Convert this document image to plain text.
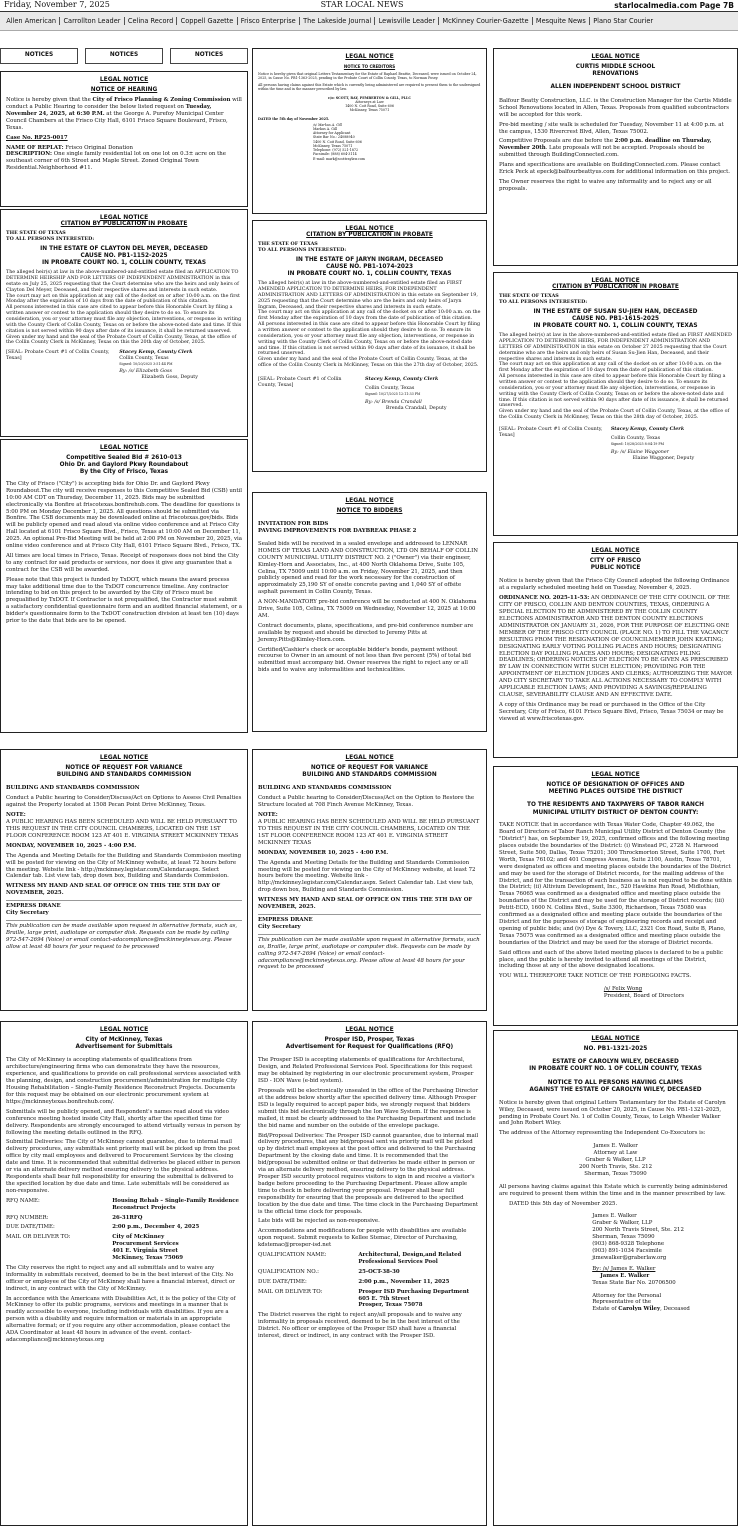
Friday, November 7, 2025	STAR LOCAL NEWS	starlocalmedia.com Page 7B
Allen American	Carrollton Leader	Celina Record	Coppell Gazette	Frisco Enterprise	The Lakeside Journal	Lewisville Leader	McKinney Courier-Gazette	Mesquite News	Plano Star Courier
NOTICES	NOTICES	NOTICES
LEGAL NOTICE
NOTICE OF HEARING

Notice is hereby given that the City of Frisco Planning & Zoning Commission will conduct a Public Hearing to consider the below listed request on Tuesday, November 24, 2025, at 6:30 P.M. at the George A. Purefoy Municipal Center Council Chambers at the Frisco City Hall, 6101 Frisco Square Boulevard, Frisco, Texas.

Case No. RP25-0017

NAME OF REPLAT: Frisco Original Donation

DESCRIPTION: One single family residential lot on one lot on 0.3± acre on the southeast corner of 6th Street and Maple Street. Zoned Original Town Residential.Neighborhood #11.

LEGAL NOTICE
CITATION BY PUBLICATION IN PROBATE
THE STATE OF TEXAS
TO ALL PERSONS INTERESTED:
IN THE ESTATE OF CLAYTON DEL MEYER, DECEASED
CAUSE NO. PB1-1152-2025
IN PROBATE COURT NO. 1, COLLIN COUNTY, TEXAS

The alleged heir(s) at law in the above-numbered-and-entitled estate filed an APPLICATION TO DETERMINE HEIRSHIP AND FOR LETTERS OF INDEPENDENT ADMINISTRATION in this estate on July 25, 2025 requesting that the Court determine who are the heirs and only heirs of Clayton Del Meyer, Deceased, and their respective shares and interests in such estate.

The court may act on this application at any call of the docket on or after 10:00 a.m. on the first Monday after the expiration of 10 days from the date of publication of this citation.

All persons interested in this case are cited to appear before this Honorable Court by filing a written answer or contest to the application should they desire to do so. To ensure its consideration, you or your attorney must file any objection, interventions, or response in writing with the County Clerk of Collin County, Texas on or before the above-noted date and time. If this citation is not served within 90 days after date of its issuance, it shall be returned unserved.

Given under my hand and the seal of the Probate Court of Collin County, Texas, at the office of the Collin County Clerk in McKinney, Texas on this the 20th day of October, 2025.

[SEAL: Probate Court #1 of Collin County, Texas]
Stacey Kemp, County Clerk
Collin County, Texas
Signed: 10/20/2025 3:51:44 PM
By: /s/ Elizabeth Goss
Elizabeth Goss, Deputy
LEGAL NOTICE
Competitive Sealed Bid # 2610-013
Ohio Dr. and Gaylord Pkwy Roundabout
By the City of Frisco, Texas

The City of Frisco ("City") is accepting bids for Ohio Dr. and Gaylord Pkwy Roundabout.The city will receive responses to this Competitive Sealed Bid (CSB) until 10:00 AM CDT on Thursday, December 11, 2025. Bids may be submitted electronically via Bonfire at friscotexas.bonfirehub.com. The deadline for questions is 5:00 PM on Monday December 1, 2025. All questions should be submitted via Bonfire. The CSB documents may be downloaded online at friscotexas.gov/bids. Bids will be publicly opened and read aloud via online video conference and at Frisco City Hall located at 6101 Frisco Square Blvd., Frisco, Texas at 10:00 AM on December 11, 2025. An optional Pre-Bid Meeting will be held at 2:00 PM on November 20, 2025, via online video conference and at Frisco City Hall, 6101 Frisco Square Blvd., Frisco, TX.

All times are local times in Frisco, Texas. Receipt of responses does not bind the City to any contract for said products or services, nor does it give any guarantee that a contract for the CSB will be awarded.

Please note that this project is funded by TxDOT, which means the award process may take additional time due to the TxDOT concurrence timeline. Any contractor intending to bid on this project to be awarded by the City of Frisco must be prequalified by TxDOT. If Contractor is not prequalified, the Contractor must submit a satisfactory confidential questionnaire form and an audited financial statement, or a bidder's questionnaire form to the TxDOT construction division at least ten (10) days prior to the date that bids are to be opened.

LEGAL NOTICE
NOTICE OF REQUEST FOR VARIANCE
BUILDING AND STANDARDS COMMISSION

BUILDING AND STANDARDS COMMISSION

Conduct a Public hearing to Consider/Discuss/Act on Options to Assess Civil Penalties against the Property located at 1508 Pecan Point Drive McKinney, Texas.

NOTE:

A PUBLIC HEARING HAS BEEN SCHEDULED AND WILL BE HELD PURSUANT TO THIS REQUEST IN THE CITY COUNCIL CHAMBERS, LOCATED ON THE 1ST FLOOR CONFERENCE ROOM 123 AT 401 E. VIRGINIA STREET MCKINNEY TEXAS

MONDAY, NOVEMBER 10, 2025 - 4:00 P.M.

The Agenda and Meeting Details for the Building and Standards Commission meeting will be posted for viewing on the City of McKinney website, at least 72 hours before the meeting. Website link - http://mckinney.legistar.com/Calendar.aspx. Select Calendar tab. List view tab, drop down box, Building and Standards Commission.

WITNESS MY HAND AND SEAL OF OFFICE ON THIS THE 5TH DAY OF NOVEMBER, 2025.

EMPRESS DRANE

City Secretary

This publication can be made available upon request in alternative formats, such as, Braille, large print, audiotape or computer disk. Requests can be made by calling 972-547-2694 (Voice) or email contact-adacompliance@mckinneytexas.org. Please allow at least 48 hours for your request to be processed

LEGAL NOTICE
City of McKinney, Texas
Advertisement for Submittals

The City of McKinney is accepting statements of qualifications from architecture/engineering firms who can demonstrate they have the resources, experience, and qualifications to provide on call professional services associated with the planning, design, and construction procurement/administration for multiple City Housing Rehabilitation – Single-Family Residence Reconstruct Projects. Documents for this request may be obtained on our electronic procurement system at https://mckinneytexas.bonfirehub.com/.

Submittals will be publicly opened, and Respondent's names read aloud via video conference meeting hosted inside City Hall, shortly after the specified time for delivery. Respondents are strongly encouraged to attend virtually versus in person by following the meeting details outlined in the RFQ.

Submittal Deliveries: The City of McKinney cannot guarantee, due to internal mail delivery procedures, any submittals sent priority mail will be picked up from the post office by city mail employees and delivered to Procurement Services by the closing date and time. It is recommended that submittal deliveries be placed either in person or via an alternate delivery method ensuring delivery to the physical address. Respondents shall bear full responsibility for ensuring the submittal is delivered to the specified location by due date and time. Late submittals will be considered as non-responsive.

RFQ NAME:	Housing Rehab – Single-Family Residence Reconstruct Projects
RFQ NUMBER:	26-31RFQ
DUE DATE/TIME:	2:00 p.m., December 4, 2025
MAIL OR DELIVER TO:	City of McKinney
Procurement Services
401 E. Virginia Street
McKinney, Texas 75069

The City reserves the right to reject any and all submittals and to waive any informality in submittals received, deemed to be in the best interest of the City. No officer or employee of the City of McKinney shall have a financial interest, direct or indirect, in any contract with the City of McKinney.

In accordance with the Americans with Disabilities Act, it is the policy of the City of McKinney to offer its public programs, services and meetings in a manner that is readily accessible to everyone, including individuals with disabilities. If you are a person with a disability and require information or materials in an appropriate alternative format; or if you require any other accommodation, please contact the ADA Coordinator at least 48 hours in advance of the event. contact-adacompliance@mckinneytexas.org

LEGAL NOTICE
NOTICE TO CREDITORS
Notice is hereby given that original Letters Testamentary for the Estate of Raphael Beattie, Deceased, were issued on October 24, 2025, in Cause No. PB1-1363-2025, pending in the Probate Court of Collin County, Texas, to Norman Posey.
All persons having claims against this Estate which is currently being administered are required to present them to the undersigned within the time and in the manner prescribed by law.
c/o: SCOTT, RAY, PEMBERTON & GILL, PLLC
Attorneys at Law
1400 N. Coit Road, Suite 606
McKinney, Texas 75071
DATED the 5th day of November 2025.
/s/ Markus A. Gill
Markus A. Gill
Attorney for Applicant
State Bar No.: 24088940
1400 N. Coit Road, Suite 606
McKinney, Texas 75071
Telephone: (972) 521-1872
Facsimile: (888) 604-3114
E-mail: mark@scottraylaw.com
LEGAL NOTICE
CITATION BY PUBLICATION IN PROBATE
THE STATE OF TEXAS
TO ALL PERSONS INTERESTED:
IN THE ESTATE OF JARYN INGRAM, DECEASED
CAUSE NO. PB1-1074-2023
IN PROBATE COURT NO. 1, COLLIN COUNTY, TEXAS

The alleged heir(s) at law in the above-numbered-and-entitled estate filed an FIRST AMENDED APPLICATION TO DETERMINE HEIRS, FOR INDEPENDENT ADMINISTRATION AND LETTERS OF ADMINISTRATION in this estate on September 19, 2025 requesting that the Court determine who are the heirs and only heirs of Jaryn Ingram, Deceased, and their respective shares and interests in such estate.

The court may act on this application at any call of the docket on or after 10:00 a.m. on the first Monday after the expiration of 10 days from the date of publication of this citation.

All persons interested in this case are cited to appear before this Honorable Court by filing a written answer or contest to the application should they desire to do so. To ensure its consideration, you or your attorney must file any objection, interventions, or response in writing with the County Clerk of Collin County, Texas on or before the above-noted date and time. If this citation is not served within 90 days after date of its issuance, it shall be returned unserved.

Given under my hand and the seal of the Probate Court of Collin County, Texas, at the office of the Collin County Clerk in McKinney, Texas on this the 27th day of October, 2025.

[SEAL: Probate Court #1 of Collin County, Texas]
Stacey Kemp, County Clerk
Collin County, Texas
Signed: 10/27/2025 12:11:33 PM
By: /s/ Brenda Crandall
Brenda Crandall, Deputy
LEGAL NOTICE
NOTICE TO BIDDERS

INVITATION FOR BIDS

PAVING IMPROVEMENTS FOR DAYBREAK PHASE 2

Sealed bids will be received in a sealed envelope and addressed to LENNAR HOMES OF TEXAS LAND AND CONSTRUCTION, LTD ON BEHALF OF COLLIN COUNTY MUNICIPAL UTILITY DISTRICT NO. 2 ("Owner") via their engineer, Kimley-Horn and Associates, Inc., at 400 North Oklahoma Drive, Suite 105, Celina, TX 75009 until 10:00 a.m. on Friday, November 21, 2025, and then publicly opened and read for the work necessary for the construction of approximately 25,190 SY of onsite concrete paving and 1,040 SY of offsite asphalt pavement in Collin County, Texas.

A NON-MANDATORY pre-bid conference will be conducted at 400 N. Oklahoma Drive, Suite 105, Celina, TX 75009 on Wednesday, November 12, 2025 at 10:00 AM.

Contract documents, plans, specifications, and pre-bid conference number are available by request and should be directed to Jeremy Pitts at Jeremy.Pitts@Kimley-Horn.com.

Certified/Cashier's check or acceptable bidder's bonds, payment without recourse to Owner in an amount of not less than five percent (5%) of total bid submitted must accompany bid. Owner reserves the right to reject any or all bids and to waive any informalities and technicalities.

LEGAL NOTICE
NOTICE OF REQUEST FOR VARIANCE
BUILDING AND STANDARDS COMMISSION

BUILDING AND STANDARDS COMMISSION

Conduct a Public hearing to Consider/Discuss/Act on the Option to Restore the Structure located at 708 Finch Avenue McKinney, Texas.

NOTE:

A PUBLIC HEARING HAS BEEN SCHEDULED AND WILL BE HELD PURSUANT TO THIS REQUEST IN THE CITY COUNCIL CHAMBERS, LOCATED ON THE 1ST FLOOR CONFERENCE ROOM 123 AT 401 E. VIRGINIA STREET MCKINNEY TEXAS

MONDAY, NOVEMBER 10, 2025 - 4:00 P.M.

The Agenda and Meeting Details for the Building and Standards Commission meeting will be posted for viewing on the City of McKinney website, at least 72 hours before the meeting. Website link - http://mckinney.legistar.com/Calendar.aspx. Select Calendar tab. List view tab, drop down box, Building and Standards Commission.

WITNESS MY HAND AND SEAL OF OFFICE ON THIS THE 5TH DAY OF NOVEMBER, 2025.

EMPRESS DRANE

City Secretary

This publication can be made available upon request in alternative formats, such as, Braille, large print, audiotape or computer disk. Requests can be made by calling 972-547-2694 (Voice) or email contact-adacompliance@mckinneytexas.org. Please allow at least 48 hours for your request to be processed

LEGAL NOTICE
Prosper ISD, Prosper, Texas
Advertisement for Request for Qualifications (RFQ)

The Prosper ISD is accepting statements of qualifications for Architectural, Design, and Related Professional Services Pool. Specifications for this request may be obtained by registering in our electronic procurement system, Prosper ISD - ION Wave (e-bid system).

Proposals will be electronically unsealed in the office of the Purchasing Director at the address below shortly after the specified delivery time. Although Prosper ISD is legally required to accept paper bids, we strongly request that bidders submit this bid electronically through the Ion Wave System. If the response is mailed, it must be clearly addressed to the Purchasing Department and include the bid name and number on the outside of the envelope package.

Bid/Proposal Deliveries: The Prosper ISD cannot guarantee, due to internal mail delivery procedures, that any bid/proposal sent via priority mail will be picked up by district mail employees at the post office and delivered to the Purchasing Department by the closing date and time. It is recommended that the bid/proposal be submitted online or that deliveries be made either in person or via an alternate delivery method, ensuring delivery to the physical address. Prosper ISD security protocol requires visitors to sign in and receive a visitor's badge before proceeding to the Purchasing Department. Please allow ample time to check in before delivering your proposal. Prosper shall bear full responsibility for ensuring that the proposals are delivered to the specified location by the due date and time. The time clock in the Purchasing Department is the official time clock for proposals.

Late bids will be rejected as non-responsive.

Accommodations and modifications for people with disabilities are available upon request. Submit requests to Kellee Stemac, Director of Purchasing, kdstemac@prosper-isd.net

QUALIFICATION NAME:	Architectural, Design,and Related Professional Services Pool
QUALIFICATION NO.:	25-OCT-38-30
DUE DATE/TIME:	2:00 p.m., November 11, 2025
MAIL OR DELIVER TO:	Prosper ISD Purchasing Department
605 E. 7th Street
Prosper, Texas 75078

The District reserves the right to reject any/all proposals and to waive any informality in proposals received, deemed to be in the best interest of the District. No officer or employee of the Prosper ISD shall have a financial interest, direct or indirect, in any contract with the Prosper ISD.

LEGAL NOTICE
CURTIS MIDDLE SCHOOL
RENOVATIONS
ALLEN INDEPENDENT SCHOOL DISTRICT

Balfour Beatty Construction, LLC. is the Construction Manager for the Curtis Middle School Renovations located in Allen, Texas. Proposals from qualified subcontractors will be accepted for this work.

Pre-bid meeting / site walk is scheduled for Tuesday, November 11 at 4:00 p.m. at the campus, 1530 Rivercrest Blvd, Allen, Texas 75002.

Competitive Proposals are due before the 2:00 p.m. deadline on Thursday, November 20th. Late proposals will not be accepted. Proposals should be submitted through BuildingConnected.com.

Plans and specifications are available on BuildingConnected.com. Please contact Erick Peck at epeck@balfourbeattyus.com for additional information on this project.

The Owner reserves the right to waive any informality and to reject any or all proposals.

LEGAL NOTICE
CITATION BY PUBLICATION IN PROBATE
THE STATE OF TEXAS
TO ALL PERSONS INTERESTED:
IN THE ESTATE OF SUSAN SU-JIEN HAN, DECEASED
CAUSE NO. PB1-1615-2025
IN PROBATE COURT NO. 1, COLLIN COUNTY, TEXAS

The alleged heir(s) at law in the above-numbered-and-entitled estate filed an FIRST AMENDED APPLICATION TO DETERMINE HEIRS, FOR INDEPENDENT ADMINISTRATION AND LETTERS OF ADMINISTRATION in this estate on October 27 2025 requesting that the Court determine who are the heirs and only heirs of Susan Su-Jien Han, Deceased, and their respective shares and interests in such estate.

The court may act on this application at any call of the docket on or after 10:00 a.m. on the first Monday after the expiration of 10 days from the date of publication of this citation.

All persons interested in this case are cited to appear before this Honorable Court by filing a written answer or contest to the application should they desire to do so. To ensure its consideration, you or your attorney must file any objection, interventions, or response in writing with the County Clerk of Collin County, Texas on or before the above-noted date and time. If this citation is not served within 90 days after date of its issuance, it shall be returned unserved.

Given under my hand and the seal of the Probate Court of Collin County, Texas, at the office of the Collin County Clerk in McKinney, Texas on this the 28th day of October, 2025.

[SEAL: Probate Court #1 of Collin County, Texas]
Stacey Kemp, County Clerk
Collin County, Texas
Signed: 10/28/2025 8:04:19 PM
By: /s/ Elaine Waggoner
Elaine Waggoner, Deputy
LEGAL NOTICE
CITY OF FRISCO
PUBLIC NOTICE

Notice is hereby given that the Frisco City Council adopted the following Ordinance at a regularly scheduled meeting held on Tuesday, November 4, 2025.

ORDINANCE NO. 2025-11-53: AN ORDINANCE OF THE CITY COUNCIL OF THE CITY OF FRISCO, COLLIN AND DENTON COUNTIES, TEXAS, ORDERING A SPECIAL ELECTION TO BE ADMINISTERED BY THE COLLIN COUNTY ELECTIONS ADMINISTRATOR AND THE DENTON COUNTY ELECTIONS ADMINISTRATOR ON JANUARY 31, 2026, FOR THE PURPOSE OF ELECTING ONE MEMBER OF THE FRISCO CITY COUNCIL (PLACE NO. 1) TO FILL THE VACANCY RESULTING FROM THE RESIGNATION OF COUNCILMEMBER JOHN KEATING; DESIGNATING EARLY VOTING POLLING PLACES AND HOURS; DESIGNATING ELECTION DAY POLLING PLACES AND HOURS; DESIGNATING FILING DEADLINES; ORDERING NOTICES OF ELECTION TO BE GIVEN AS PRESCRIBED BY LAW IN CONNECTION WITH SUCH ELECTION; PROVIDING FOR THE APPOINTMENT OF ELECTION JUDGES AND CLERKS; AUTHORIZING THE MAYOR AND CITY SECRETARY TO TAKE ALL ACTIONS NECESSARY TO COMPLY WITH APPLICABLE ELECTION LAWS; AND PROVIDING A SAVINGS/REPEALING CLAUSE, SEVERABILITY CLAUSE AND AN EFFECTIVE DATE.

A copy of this Ordinance may be read or purchased in the Office of the City Secretary, City of Frisco, 6101 Frisco Square Blvd, Frisco, Texas 75034 or may be viewed at www.friscotexas.gov.

LEGAL NOTICE
NOTICE OF DESIGNATION OF OFFICES AND
MEETING PLACES OUTSIDE THE DISTRICT
TO THE RESIDENTS AND TAXPAYERS OF TABOR RANCH
MUNICIPAL UTILITY DISTRICT OF DENTON COUNTY:

TAKE NOTICE that in accordance with Texas Water Code, Chapter 49.062, the Board of Directors of Tabor Ranch Municipal Utility District of Denton County (the "District") has, on September 19, 2025, confirmed offices and the following meeting places outside the boundaries of the District: (i) Winstead PC, 2728 N. Harwood Street, Suite 500, Dallas, Texas 75201; 300 Throckmorton Street, Suite 1700, Fort Worth, Texas 76102; and 401 Congress Avenue, Suite 2100, Austin, Texas 78701, were designated as offices and meeting places outside the boundaries of the District and may be used for the storage of District records, for the mailing address of the District, and for the transaction of such business as is not required to be done within the District; (ii) Altivium Development, Inc., 520 Hawkins Run Road, Midlothian, Texas 76065 was confirmed as a designated office and meeting place outside the boundaries of the District and may be used for the storage of District records; (iii) Petitt-ECD, 1600 N. Collins Blvd., Suite 3300, Richardson, Texas 75080 was confirmed as a designated office and meeting place outside the boundaries of the District and for the purposes of storage of engineering records and receipt and opening of public bids; and (iv) Dye & Tovery, LLC, 2321 Cox Road, Suite B, Plano, Texas 75075 was confirmed as a designated office and meeting place outside the boundaries of the District and may be used for the storage of District records.

Said offices and each of the above listed meeting places is declared to be a public place, and the public is hereby invited to attend all meetings of the District, including those at any of the above designated locations.

YOU WILL THEREFORE TAKE NOTICE OF THE FOREGOING FACTS.

/s/ Felix Wong
President, Board of Directors
LEGAL NOTICE
NO. PB1-1321-2025
ESTATE OF CAROLYN WILEY, DECEASED
IN PROBATE COURT NO. 1 OF COLLIN COUNTY, TEXAS
NOTICE TO ALL PERSONS HAVING CLAIMS
AGAINST THE ESTATE OF CAROLYN WILEY, DECEASED

Notice is hereby given that original Letters Testamentary for the Estate of Carolyn Wiley, Deceased, were issued on October 20, 2025, in Cause No. PB1-1321-2025, pending in Probate Court No. 1 of Collin County, Texas, to Leigh Wheeler Walker and John Robert Wiley.

The address of the Attorney representing the Independent Co-Executors is:

James E. Walker
Attorney at Law
Graber & Walker, LLP
200 North Travis, Ste. 212
Sherman, Texas 75090

All persons having claims against this Estate which is currently being administered are required to present them within the time and in the manner prescribed by law.

DATED this 5th day of November 2025.

James E. Walker
Graber & Walker, LLP
200 North Travis Street, Ste. 212
Sherman, Texas 75090
(903) 868-9328 Telephone
(903) 891-1034 Facsimile
jimewalker@graberlaw.org
By: /s/ James E. Walker
James E. Walker
Texas State Bar No. 20706500
Attorney for the Personal
Representative of the
Estate of Carolyn Wiley, Deceased
